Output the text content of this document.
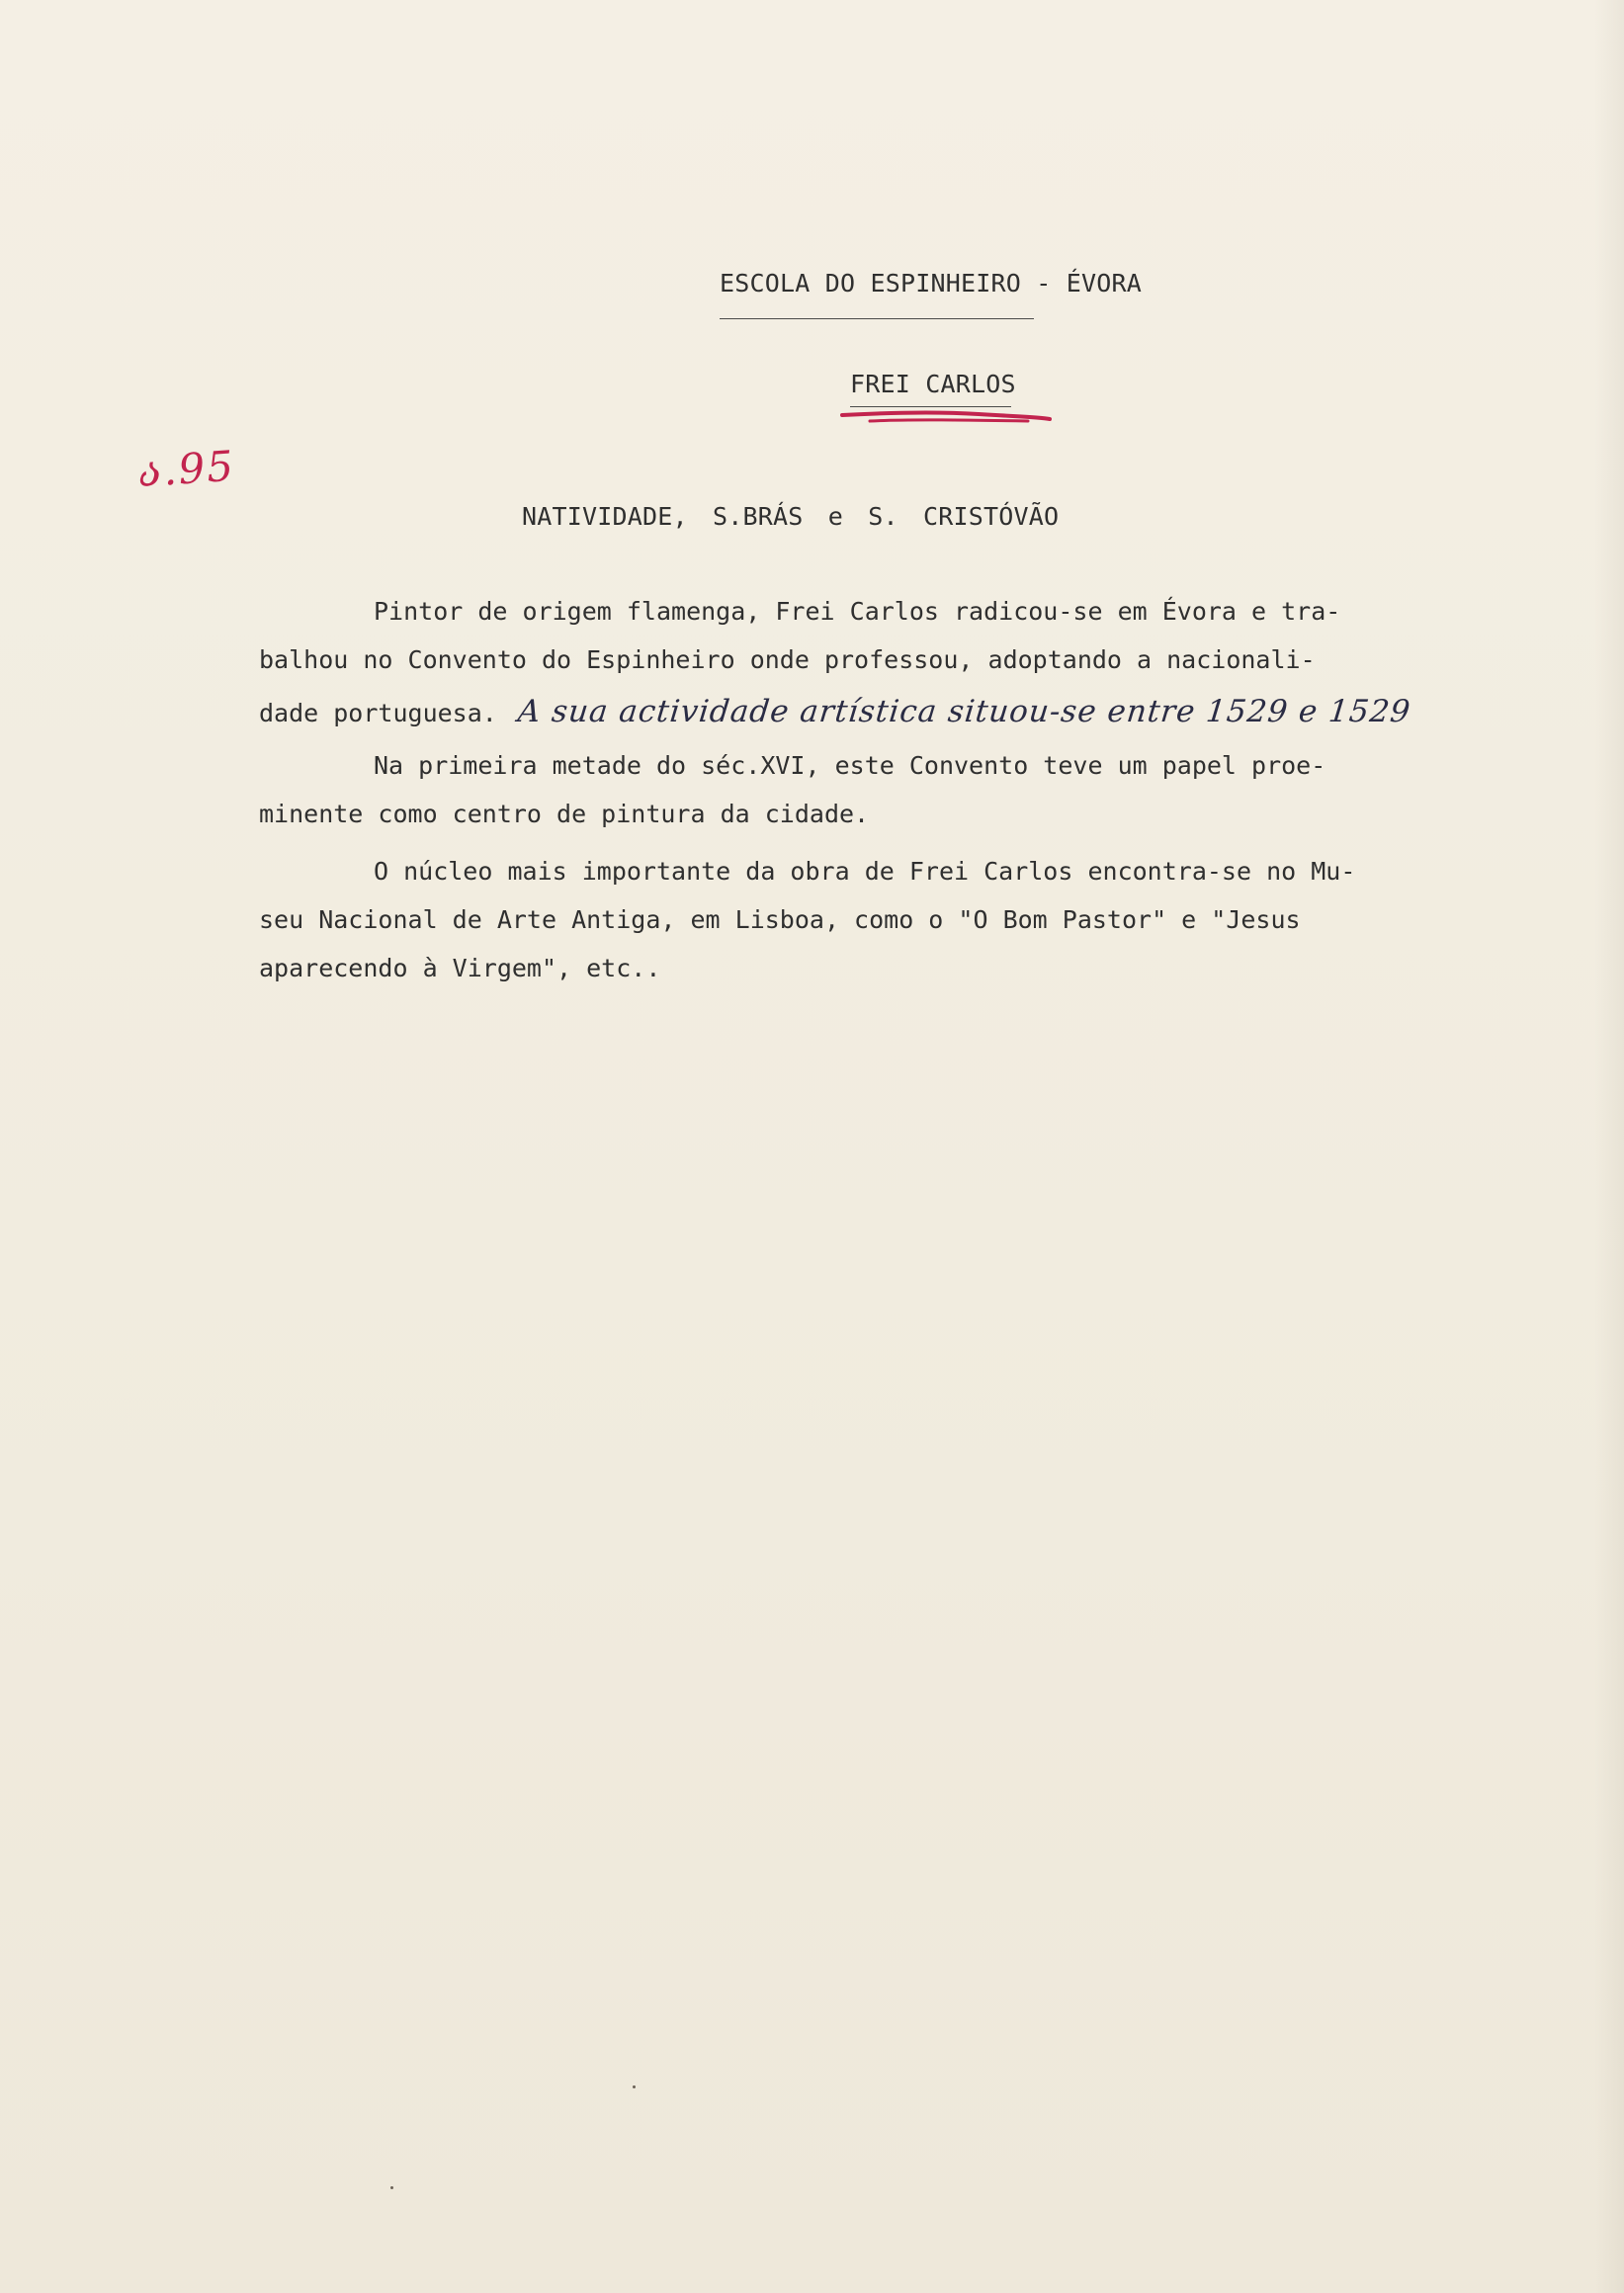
ESCOLA DO ESPINHEIRO - ÉVORA
FREI CARLOS
ა.95
NATIVIDADE, S.BRÁS e S. CRISTÓVÃO
Pintor de origem flamenga, Frei Carlos radicou-se em Évora e tra-
balhou no Convento do Espinheiro onde professou, adoptando a nacionali-
dade portuguesa. A sua actividade artística situou-se entre 1529 e 1529
Na primeira metade do séc.XVI, este Convento teve um papel proe-
minente como centro de pintura da cidade.
O núcleo mais importante da obra de Frei Carlos encontra-se no Mu-
seu Nacional de Arte Antiga, em Lisboa, como o "O Bom Pastor" e "Jesus
aparecendo à Virgem", etc..
